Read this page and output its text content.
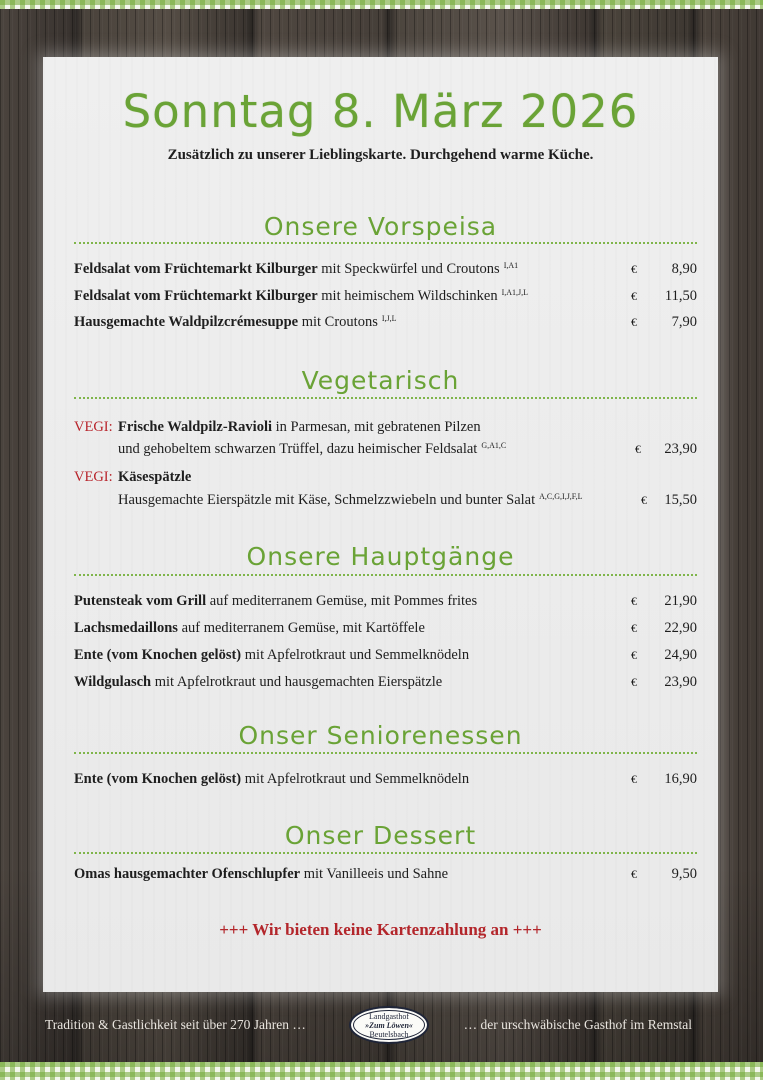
Sonntag 8. März 2026
Zusätzlich zu unserer Lieblingskarte. Durchgehend warme Küche.
Onsere Vorspeisa
Feldsalat vom Früchtemarkt Kilburger mit Speckwürfel und Croutons $^{I,A1}$	€ 8,90
Feldsalat vom Früchtemarkt Kilburger mit heimischem Wildschinken $^{I,A1,J,L}$	€ 11,50
Hausgemachte Waldpilzcrémesuppe mit Croutons $^{I,J,L}$	€ 7,90
Vegetarisch
VEGI: Frische Waldpilz-Ravioli in Parmesan, mit gebratenen Pilzen
und gehobeltem schwarzen Trüffel, dazu heimischer Feldsalat $^{G,A1,C}$	€ 23,90
VEGI: Käsespätzle
Hausgemachte Eierspätzle mit Käse, Schmelzzwiebeln und bunter Salat $^{A,C,G,I,J,F,L}$	€ 15,50
Onsere Hauptgänge
Putensteak vom Grill auf mediterranem Gemüse, mit Pommes frites	€ 21,90
Lachsmedaillons auf mediterranem Gemüse, mit Kartöffele	€ 22,90
Ente (vom Knochen gelöst) mit Apfelrotkraut und Semmelknödeln	€ 24,90
Wildgulasch mit Apfelrotkraut und hausgemachten Eierspätzle	€ 23,90
Onser Seniorenessen
Ente (vom Knochen gelöst) mit Apfelrotkraut und Semmelknödeln	€ 16,90
Onser Dessert
Omas hausgemachter Ofenschlupfer mit Vanilleeis und Sahne	€ 9,50
+++ Wir bieten keine Kartenzahlung an +++
Tradition & Gastlichkeit seit über 270 Jahren …
Landgasthof
»Zum Löwen«
Beutelsbach
… der urschwäbische Gasthof im Remstal
